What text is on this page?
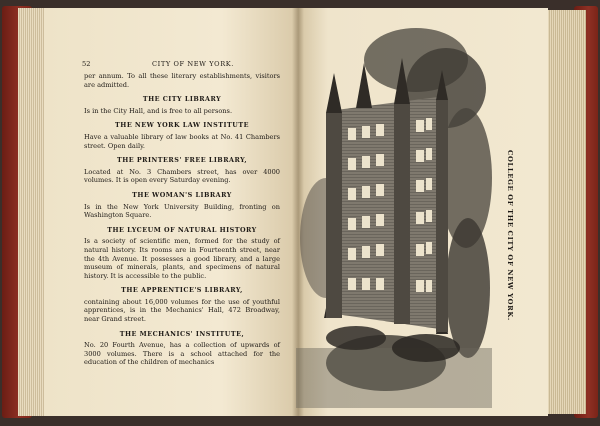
52	CITY OF NEW YORK.

per annum. To all these literary establishments, visitors are admitted.

THE CITY LIBRARY

Is in the City Hall, and is free to all persons.

THE NEW YORK LAW INSTITUTE

Have a valuable library of law books at No. 41 Chambers street. Open daily.

THE PRINTERS' FREE LIBRARY,

Located at No. 3 Chambers street, has over 4000 volumes. It is open every Saturday evening.

THE WOMAN'S LIBRARY

Is in the New York University Building, fronting on Washington Square.

THE LYCEUM OF NATURAL HISTORY

Is a society of scientific men, formed for the study of natural history. Its rooms are in Fourteenth street, near the 4th Avenue. It possesses a good library, and a large museum of minerals, plants, and specimens of natural history. It is accessible to the public.

THE APPRENTICE'S LIBRARY,

containing about 16,000 volumes for the use of youthful apprentices, is in the Mechanics' Hall, 472 Broadway, near Grand street.

THE MECHANICS' INSTITUTE,

No. 20 Fourth Avenue, has a collection of upwards of 3000 volumes. There is a school attached for the education of the children of mechanics

COLLEGE OF THE CITY OF NEW YORK.
